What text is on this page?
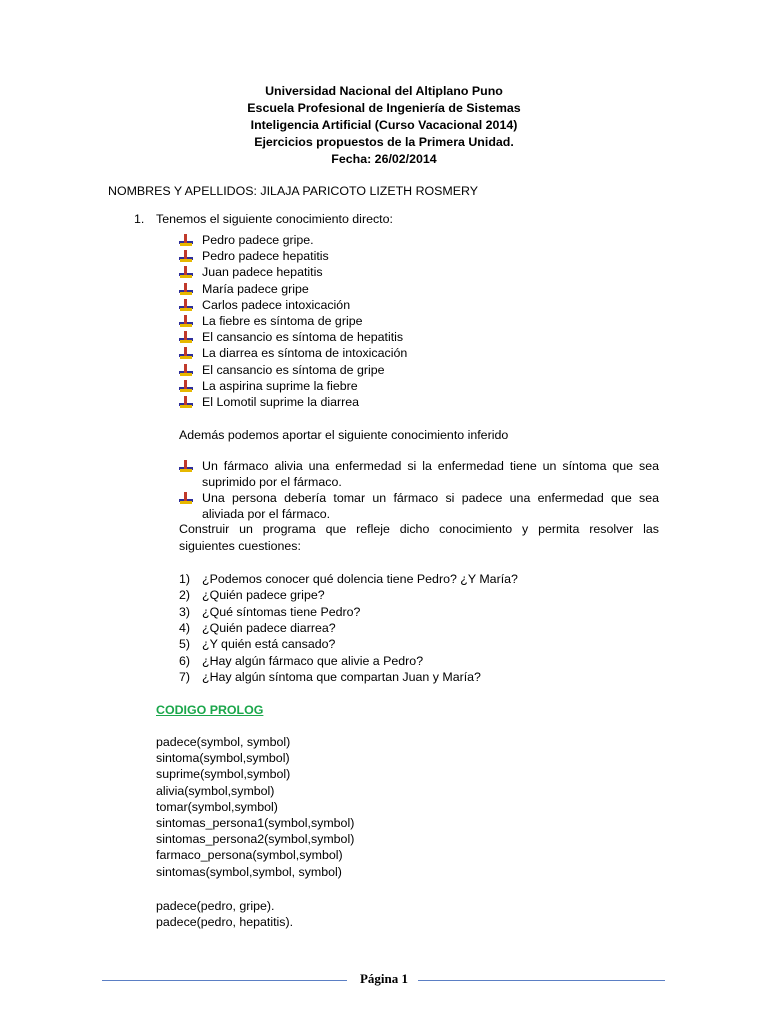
Universidad Nacional del Altiplano Puno
Escuela Profesional de Ingeniería de Sistemas
Inteligencia Artificial (Curso Vacacional 2014)
Ejercicios propuestos de la Primera Unidad.
Fecha: 26/02/2014
NOMBRES Y APELLIDOS: JILAJA PARICOTO LIZETH ROSMERY
1. Tenemos el siguiente conocimiento directo:
Pedro padece gripe.
Pedro padece hepatitis
Juan padece hepatitis
María padece gripe
Carlos padece intoxicación
La fiebre es síntoma de gripe
El cansancio es síntoma de hepatitis
La diarrea es síntoma de intoxicación
El cansancio es síntoma de gripe
La aspirina suprime la fiebre
El Lomotil suprime la diarrea
Además podemos aportar el siguiente conocimiento inferido
Un fármaco alivia una enfermedad si la enfermedad tiene un síntoma que sea
suprimido por el fármaco.
Una persona debería tomar un fármaco si padece una enfermedad que sea
aliviada por el fármaco.
Construir un programa que refleje dicho conocimiento y permita resolver las
siguientes cuestiones:
1) ¿Podemos conocer qué dolencia tiene Pedro? ¿Y María?
2) ¿Quién padece gripe?
3) ¿Qué síntomas tiene Pedro?
4) ¿Quién padece diarrea?
5) ¿Y quién está cansado?
6) ¿Hay algún fármaco que alivie a Pedro?
7) ¿Hay algún síntoma que compartan Juan y María?
CODIGO PROLOG
padece(symbol, symbol)
sintoma(symbol,symbol)
suprime(symbol,symbol)
alivia(symbol,symbol)
tomar(symbol,symbol)
sintomas_persona1(symbol,symbol)
sintomas_persona2(symbol,symbol)
farmaco_persona(symbol,symbol)
sintomas(symbol,symbol, symbol)
padece(pedro, gripe).
padece(pedro, hepatitis).
Página 1
